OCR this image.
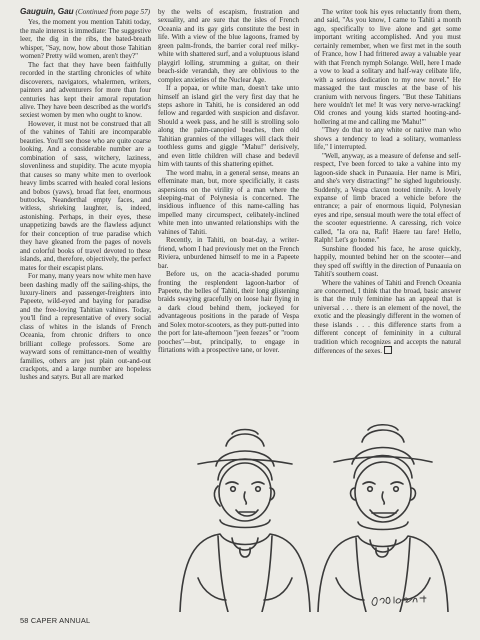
Gauguin, Gau (Continued from page 57)

Yes, the moment you mention Tahiti today, the male interest is immediate: The suggestive leer, the dig in the ribs, the bated-breath whisper, "Say, now, how about those Tahitian women? Pretty wild women, aren't they?"

The fact that they have been faithfully recorded in the startling chronicles of white discoverers, navigators, whalermen, writers, painters and adventurers for more than four centuries has kept their amoral reputation alive. They have been described as the world's sexiest women by men who ought to know.

However, it must not be construed that all of the vahines of Tahiti are incomparable beauties. You'll see those who are quite coarse looking. And a considerable number are a combination of sass, witchery, laziness, slovenliness and stupidity. The acute myopia that causes so many white men to overlook heavy limbs scarred with healed coral lesions and bobos (yaws), broad flat feet, enormous buttocks, Neanderthal empty faces, and witless, shrieking laughter, is, indeed, astonishing. Perhaps, in their eyes, these unappetizing bawds are the flawless adjunct for their conception of true paradise which they have gleaned from the pages of novels and colorful books of travel devoted to these islands, and, therefore, objectively, the perfect mates for their escapist plans.

For many, many years now white men have been dashing madly off the sailing-ships, the luxury-liners and passenger-freighters into Papeete, wild-eyed and baying for paradise and the free-loving Tahitian vahines. Today, you'll find a representative of every social class of whites in the islands of French Oceania, from chronic drifters to once brilliant college professors. Some are wayward sons of remittance-men of wealthy families, others are just plain out-and-out crackpots, and a large number are hopeless lushes and satyrs. But all are marked

by the welts of escapism, frustration and sexuality, and are sure that the isles of French Oceania and its gay girls constitute the best in life. With a view of the blue lagoons, framed by green palm-fronds, the barrier coral reef milky-white with shattered surf, and a voluptuous island playgirl lolling, strumming a guitar, on their beach-side verandah, they are oblivious to the complex anxieties of the Nuclear Age.

If a popaa, or white man, doesn't take unto himself an island girl the very first day that he steps ashore in Tahiti, he is considered an odd fellow and regarded with suspicion and disfavor. Should a week pass, and he still is strolling solo along the palm-canopied beaches, then old Tahitian grannies of the villages will clack their toothless gums and giggle "Mahu!" derisively, and even little children will chase and bedevil him with taunts of this shattering epithet.

The word mahu, in a general sense, means an effeminate man, but, more specificially, it casts aspersions on the virility of a man where the sleeping-mat of Polynesia is concerned. The insidious influence of this name-calling has impelled many circumspect, celibately-inclined white men into unwanted relationships with the vahines of Tahiti.

Recently, in Tahiti, on boat-day, a writer-friend, whom I had previously met on the French Riviera, unburdened himself to me in a Papeete bar.

Before us, on the acacia-shaded porumu fronting the resplendent lagoon-harbor of Papeete, the belles of Tahiti, their long glistening braids swaying gracefully on loose hair flying in a dark cloud behind them, jockeyed for advantageous positions in the parade of Vespa and Solex motor-scooters, as they putt-putted into the port for late-afternoon "jeen feezes" or "room pooches"—but, principally, to engage in flirtations with a prospective tane, or lover.

The writer took his eyes reluctantly from them, and said, "As you know, I came to Tahiti a month ago, specifically to live alone and get some important writing accomplished. And you must certainly remember, when we first met in the south of France, how I had frittered away a valuable year with that French nymph Solange. Well, here I made a vow to lead a solitary and half-way celibate life, with a serious dedication to my new novel." He massaged the taut muscles at the base of his cranium with nervous fingers. "But these Tahitians here wouldn't let me! It was very nerve-wracking! Old crones and young kids started hooting-and-hollering at me and calling me 'Mahu!'"

"They do that to any white or native man who shows a tendency to lead a solitary, womanless life," I interrupted.

"Well, anyway, as a measure of defense and self-respect, I've been forced to take a vahine into my lagoon-side shack in Punaauia. Her name is Miri, and she's very distracting!" he sighed lugubriously. Suddenly, a Vespa claxon tooted tinnily. A lovely expanse of limb braced a vehicle before the entrance; a pair of enormous liquid, Polynesian eyes and ripe, sensual mouth were the total effect of the scooter equestrienne. A caressing, rich voice called, "Ia ora na, Rafi! Haere tau fare! Hello, Ralph! Let's go home."

Sunshine flooded his face, he arose quickly, happily, mounted behind her on the scooter—and they sped off swiftly in the direction of Punaauia on Tahiti's southern coast.

Where the vahines of Tahiti and French Oceania are concerned, I think that the broad, basic answer is that the truly feminine has an appeal that is universal . . . there is an element of the novel, the exotic and the pleasingly different in the women of these islands . . . this difference starts from a different concept of femininity in a cultural tradition which recognizes and accepts the natural differences of the sexes.

58 CAPER ANNUAL
